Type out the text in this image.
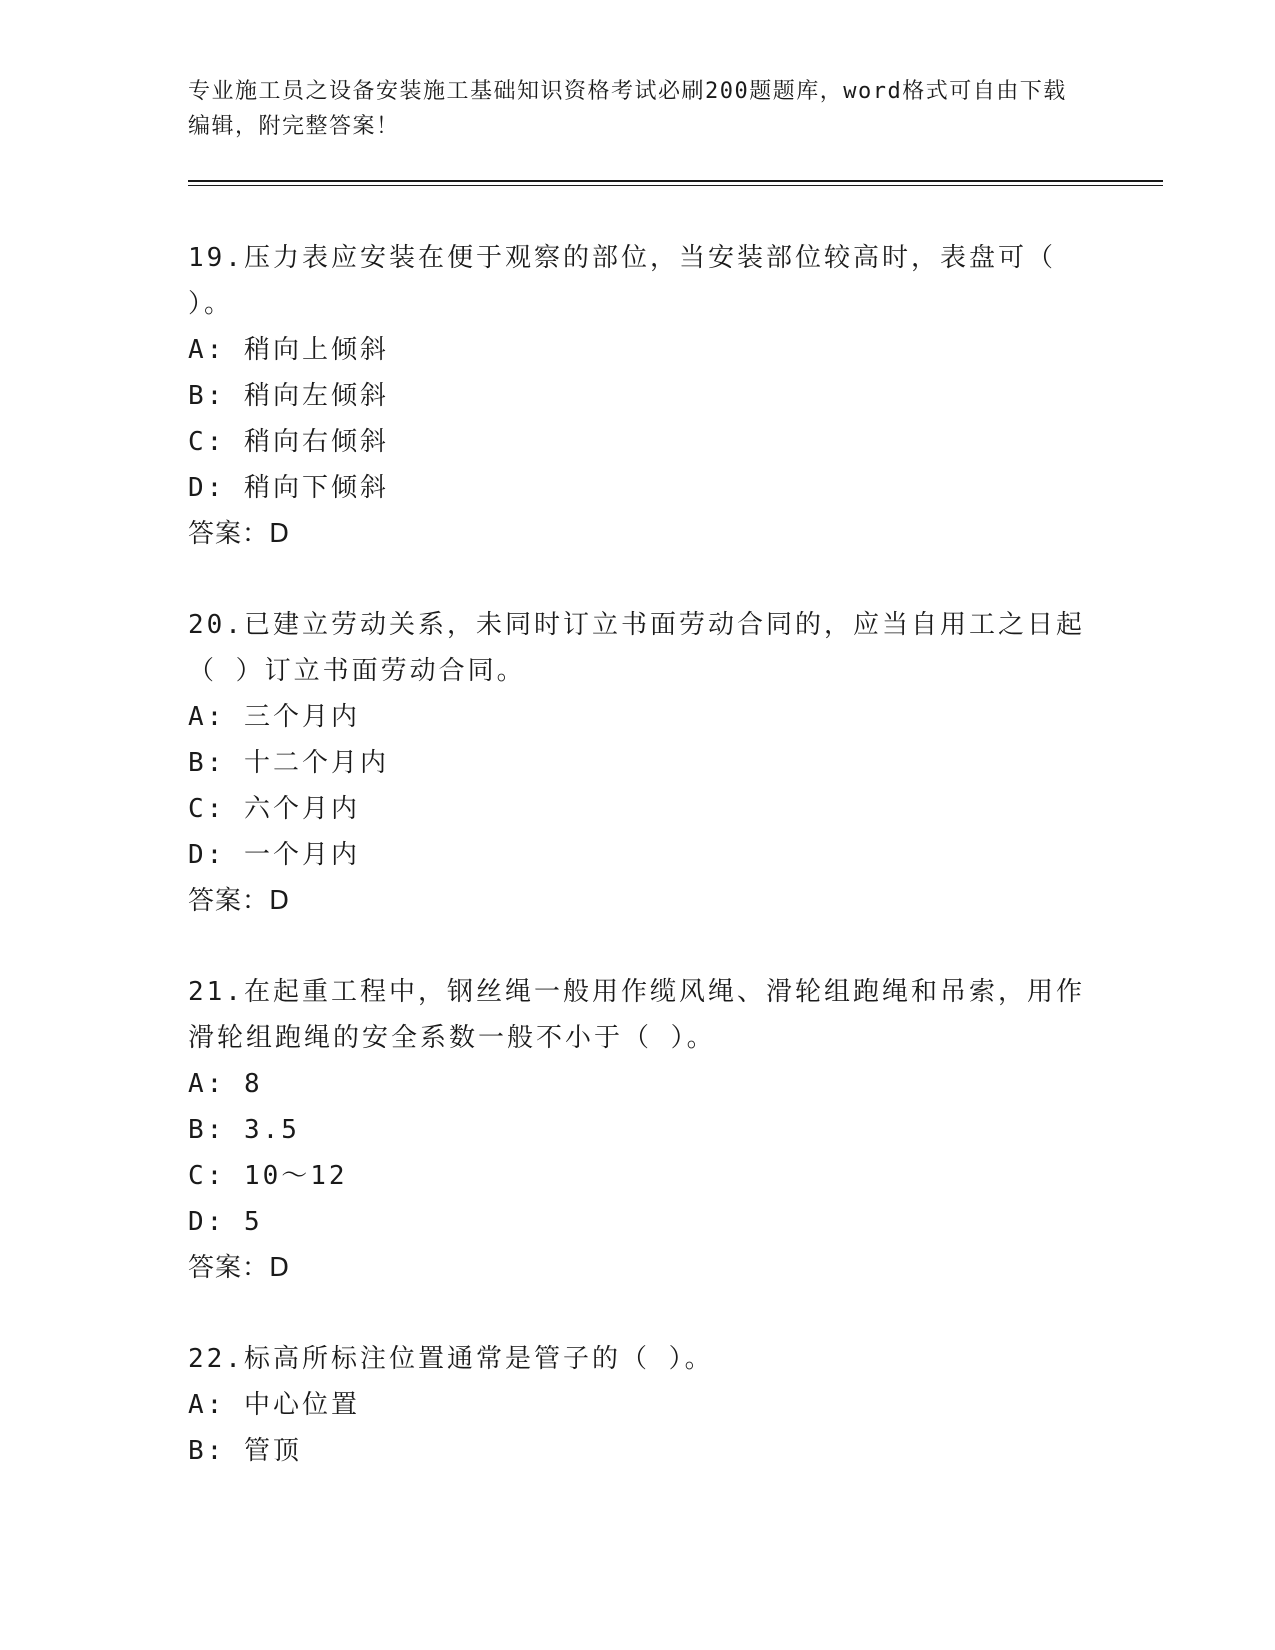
专业施工员之设备安装施工基础知识资格考试必刷200题题库，word格式可自由下载编辑，附完整答案！

19.压力表应安装在便于观察的部位，当安装部位较高时，表盘可（ ）。

A: 稍向上倾斜

B: 稍向左倾斜

C: 稍向右倾斜

D: 稍向下倾斜

答案：D

20.已建立劳动关系，未同时订立书面劳动合同的，应当自用工之日起（ ）订立书面劳动合同。

A: 三个月内

B: 十二个月内

C: 六个月内

D: 一个月内

答案：D

21.在起重工程中，钢丝绳一般用作缆风绳、滑轮组跑绳和吊索，用作滑轮组跑绳的安全系数一般不小于（ ）。

A: 8

B: 3.5

C: 10～12

D: 5

答案：D

22.标高所标注位置通常是管子的（ ）。

A: 中心位置

B: 管顶
